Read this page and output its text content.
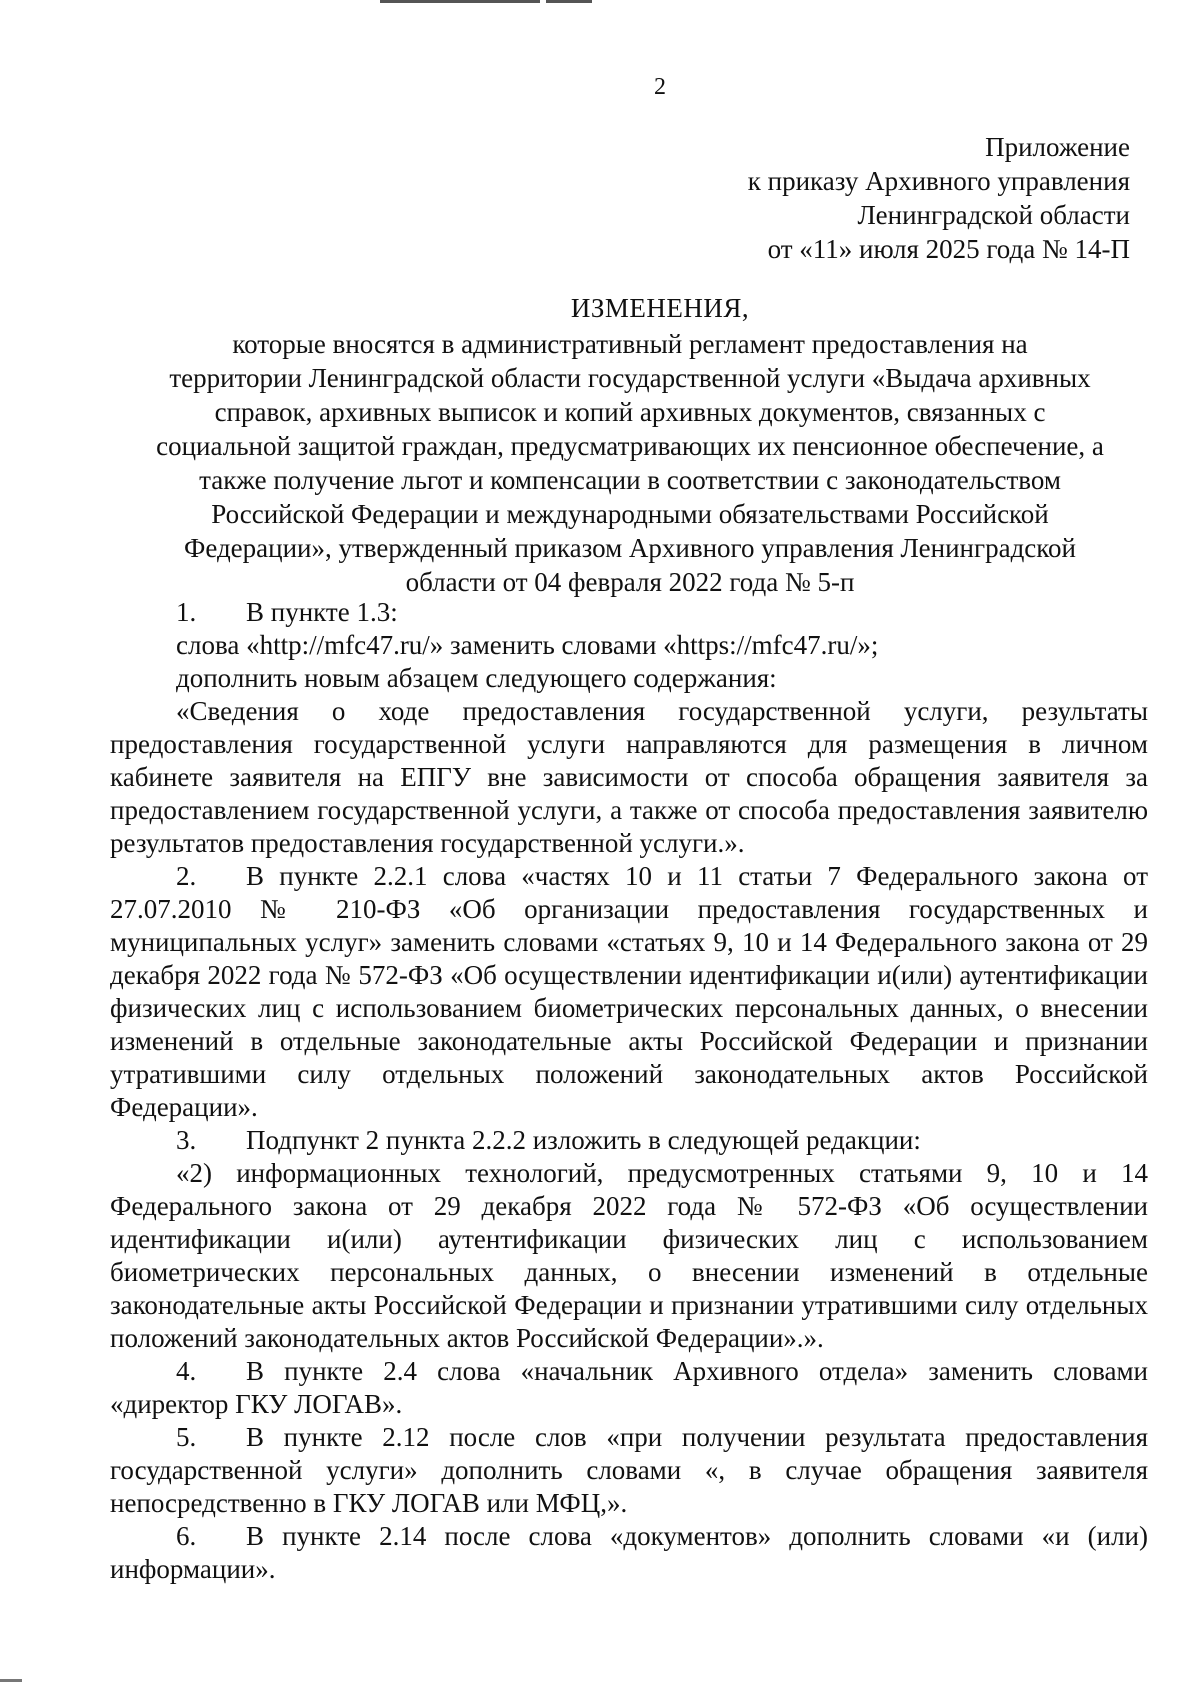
2
Приложение
к приказу Архивного управления
Ленинградской области
от «11» июля 2025 года № 14-П
ИЗМЕНЕНИЯ,
которые вносятся в административный регламент предоставления на
территории Ленинградской области государственной услуги «Выдача архивных
справок, архивных выписок и копий архивных документов, связанных с
социальной защитой граждан, предусматривающих их пенсионное обеспечение, а
также получение льгот и компенсации в соответствии с законодательством
Российской Федерации и международными обязательствами Российской
Федерации», утвержденный приказом Архивного управления Ленинградской
области от 04 февраля 2022 года № 5-п

1. В пункте 1.3:

слова «http://mfc47.ru/» заменить словами «https://mfc47.ru/»;

дополнить новым абзацем следующего содержания:

«Сведения о ходе предоставления государственной услуги, результаты предоставления государственной услуги направляются для размещения в личном кабинете заявителя на ЕПГУ вне зависимости от способа обращения заявителя за предоставлением государственной услуги, а также от способа предоставления заявителю результатов предоставления государственной услуги.».

2. В пункте 2.2.1 слова «частях 10 и 11 статьи 7 Федерального закона от 27.07.2010 № 210-ФЗ «Об организации предоставления государственных и муниципальных услуг» заменить словами «статьях 9, 10 и 14 Федерального закона от 29 декабря 2022 года № 572-ФЗ «Об осуществлении идентификации и(или) аутентификации физических лиц с использованием биометрических персональных данных, о внесении изменений в отдельные законодательные акты Российской Федерации и признании утратившими силу отдельных положений законодательных актов Российской Федерации».

3. Подпункт 2 пункта 2.2.2 изложить в следующей редакции:

«2) информационных технологий, предусмотренных статьями 9, 10 и 14 Федерального закона от 29 декабря 2022 года № 572-ФЗ «Об осуществлении идентификации и(или) аутентификации физических лиц с использованием биометрических персональных данных, о внесении изменений в отдельные законодательные акты Российской Федерации и признании утратившими силу отдельных положений законодательных актов Российской Федерации».».

4. В пункте 2.4 слова «начальник Архивного отдела» заменить словами «директор ГКУ ЛОГАВ».

5. В пункте 2.12 после слов «при получении результата предоставления государственной услуги» дополнить словами «, в случае обращения заявителя непосредственно в ГКУ ЛОГАВ или МФЦ,».

6. В пункте 2.14 после слова «документов» дополнить словами «и (или) информации».
